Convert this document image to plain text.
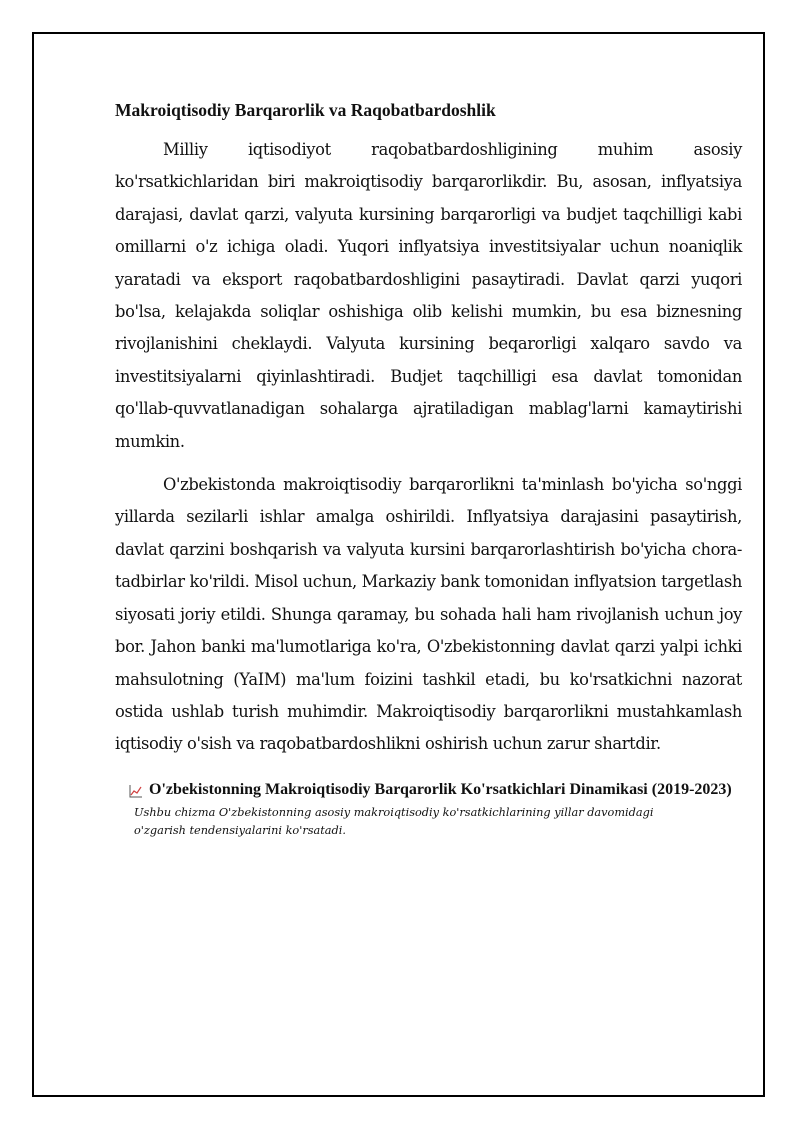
Makroiqtisodiy Barqarorlik va Raqobatbardoshlik

Milliy iqtisodiyot raqobatbardoshligining muhim asosiy ko'rsatkichlaridan biri makroiqtisodiy barqarorlikdir. Bu, asosan, inflyatsiya darajasi, davlat qarzi, valyuta kursining barqarorligi va budjet taqchilligi kabi omillarni o'z ichiga oladi. Yuqori inflyatsiya investitsiyalar uchun noaniqlik yaratadi va eksport raqobatbardoshligini pasaytiradi. Davlat qarzi yuqori bo'lsa, kelajakda soliqlar oshishiga olib kelishi mumkin, bu esa biznesning rivojlanishini cheklaydi. Valyuta kursining beqarorligi xalqaro savdo va investitsiyalarni qiyinlashtiradi. Budjet taqchilligi esa davlat tomonidan qo'llab-quvvatlanadigan sohalarga ajratiladigan mablag'larni kamaytirishi mumkin.

O'zbekistonda makroiqtisodiy barqarorlikni ta'minlash bo'yicha so'nggi yillarda sezilarli ishlar amalga oshirildi. Inflyatsiya darajasini pasaytirish, davlat qarzini boshqarish va valyuta kursini barqarorlashtirish bo'yicha chora-tadbirlar ko'rildi. Misol uchun, Markaziy bank tomonidan inflyatsion targetlash siyosati joriy etildi. Shunga qaramay, bu sohada hali ham rivojlanish uchun joy bor. Jahon banki ma'lumotlariga ko'ra, O'zbekistonning davlat qarzi yalpi ichki mahsulotning (YaIM) ma'lum foizini tashkil etadi, bu ko'rsatkichni nazorat ostida ushlab turish muhimdir. Makroiqtisodiy barqarorlikni mustahkamlash iqtisodiy o'sish va raqobatbardoshlikni oshirish uchun zarur shartdir.

O'zbekistonning Makroiqtisodiy Barqarorlik Ko'rsatkichlari Dinamikasi (2019-2023)
Ushbu chizma O'zbekistonning asosiy makroiqtisodiy ko'rsatkichlarining yillar davomidagi o'zgarish tendensiyalarini ko'rsatadi.
